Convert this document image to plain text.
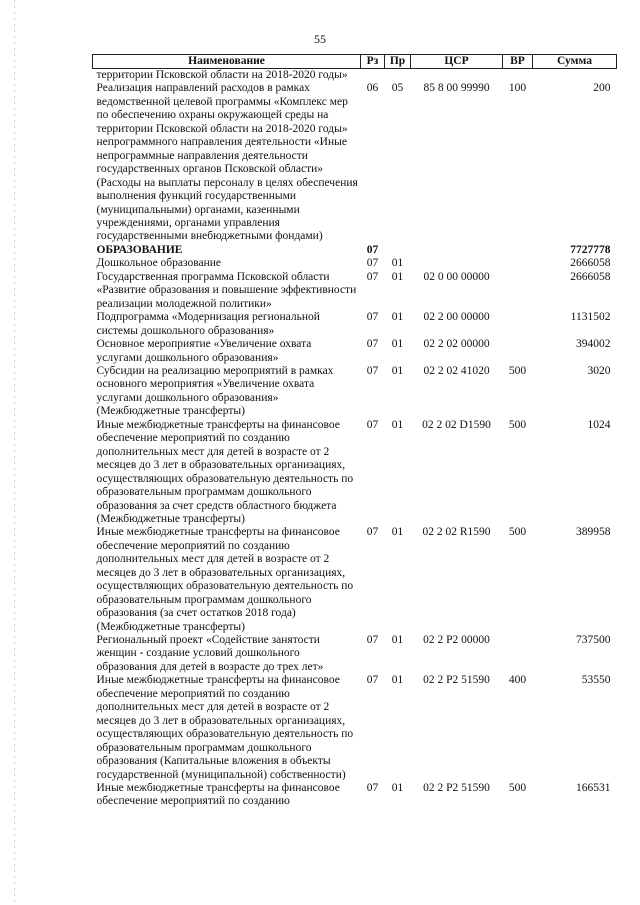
55
Наименование	Рз	Пр	ЦСР	ВР	Сумма
территории Псковской области на 2018-2020 годы»					
Реализация направлений расходов в рамках ведомственной целевой программы «Комплекс мер по обеспечению охраны окружающей среды на территории Псковской области на 2018-2020 годы» непрограммного направления деятельности «Иные непрограммные направления деятельности государственных органов Псковской области» (Расходы на выплаты персоналу в целях обеспечения выполнения функций государственными (муниципальными) органами, казенными учреждениями, органами управления государственными внебюджетными фондами)	06	05	85 8 00 99990	100	200
ОБРАЗОВАНИЕ	07				7727778
Дошкольное образование	07	01			2666058
Государственная программа Псковской области «Развитие образования и повышение эффективности реализации молодежной политики»	07	01	02 0 00 00000		2666058
Подпрограмма «Модернизация региональной системы дошкольного образования»	07	01	02 2 00 00000		1131502
Основное мероприятие «Увеличение охвата услугами дошкольного образования»	07	01	02 2 02 00000		394002
Субсидии на реализацию мероприятий в рамках основного мероприятия «Увеличение охвата услугами дошкольного образования» (Межбюджетные трансферты)	07	01	02 2 02 41020	500	3020
Иные межбюджетные трансферты на финансовое обеспечение мероприятий по созданию дополнительных мест для детей в возрасте от 2 месяцев до 3 лет в образовательных организациях, осуществляющих образовательную деятельность по образовательным программам дошкольного образования за счет средств областного бюджета (Межбюджетные трансферты)	07	01	02 2 02 D1590	500	1024
Иные межбюджетные трансферты на финансовое обеспечение мероприятий по созданию дополнительных мест для детей в возрасте от 2 месяцев до 3 лет в образовательных организациях, осуществляющих образовательную деятельность по образовательным программам дошкольного образования (за счет остатков 2018 года) (Межбюджетные трансферты)	07	01	02 2 02 R1590	500	389958
Региональный проект «Содействие занятости женщин - создание условий дошкольного образования для детей в возрасте до трех лет»	07	01	02 2 P2 00000		737500
Иные межбюджетные трансферты на финансовое обеспечение мероприятий по созданию дополнительных мест для детей в возрасте от 2 месяцев до 3 лет в образовательных организациях, осуществляющих образовательную деятельность по образовательным программам дошкольного образования (Капитальные вложения в объекты государственной (муниципальной) собственности)	07	01	02 2 P2 51590	400	53550
Иные межбюджетные трансферты на финансовое обеспечение мероприятий по созданию	07	01	02 2 P2 51590	500	166531
